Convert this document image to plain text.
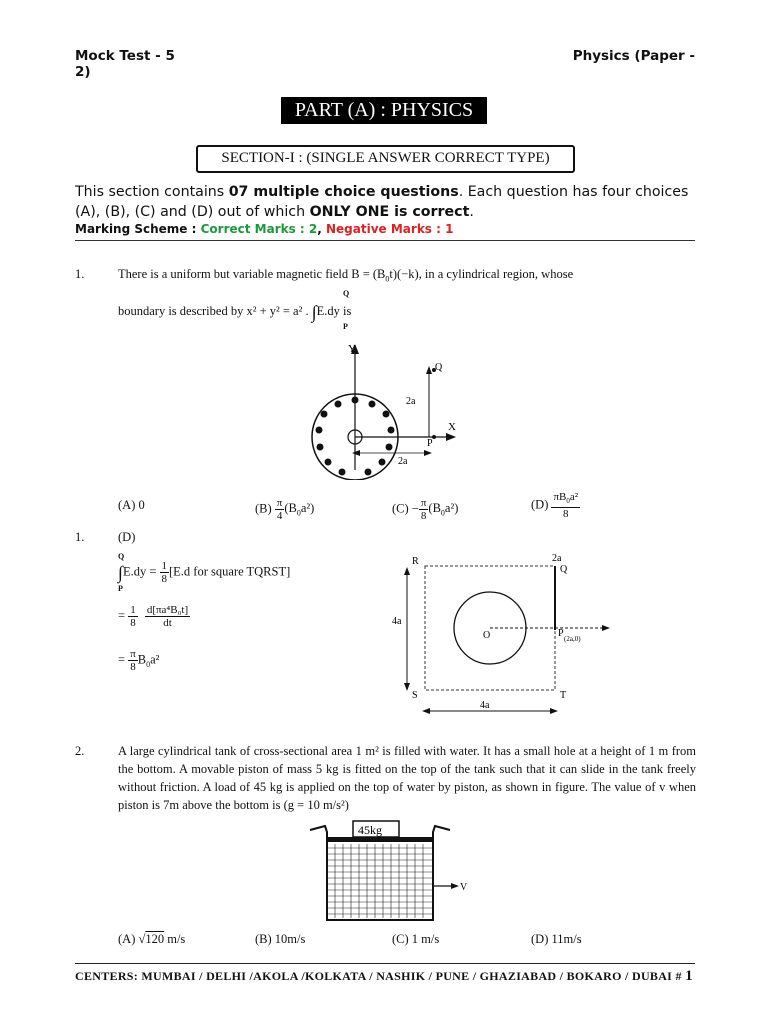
Mock Test - 5	Physics (Paper -
2)
PART (A) : PHYSICS
SECTION-I : (SINGLE ANSWER CORRECT TYPE)
This section contains 07 multiple choice questions. Each question has four choices (A), (B), (C) and (D) out of which ONLY ONE is correct.
Marking Scheme : Correct Marks : 2, Negative Marks : 1
1.	There is a uniform but variable magnetic field $B = (B_0t)(-k)$, in a cylindrical region, whose
boundary is described by x² + y² = a² . ∫E.dy is
Q
P
Y
X
Q
P
2a
2a
(A) 0	$(B) \frac{\pi}{4} (B_0a^2)$	$(C) - \frac{\pi}{8} (B_0a^2)$	$(D) \frac{\pi B_0a^2}{8}$
1.	(D)
Q
$\int E.dy = \frac{1}{8} [E.d$ for square TQRST]
P
= $\frac{1}{8}$
$\frac{\text{d[πa⁴B₀t]}}{dt}$
= $\frac{\pi}{8} B_0a^2$
R	2a
Q
O	P (2a,0)
4a
S	T
4a
2.	A large cylindrical tank of cross-sectional area 1 m² is filled with water. It has a small hole at a height of 1 m from the bottom. A movable piston of mass 5 kg is fitted on the top of the tank such that it can slide in the tank freely without friction. A load of 45 kg is applied on the top of water by piston, as shown in figure. The value of v when piston is 7m above the bottom is (g = 10 m/s²)
45kg
V
(A) √120 m/s	(B) 10m/s	(C) 1 m/s	(D) 11m/s
CENTERS: MUMBAI / DELHI /AKOLA /KOLKATA / NASHIK / PUNE / GHAZIABAD / BOKARO / DUBAI # 1
